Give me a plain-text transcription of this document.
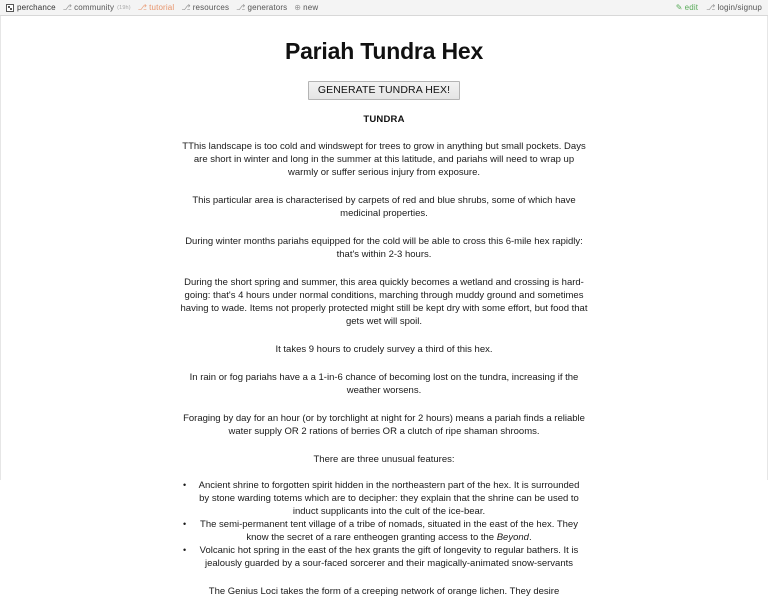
perchance ⎇ community (19h) ⎇ tutorial ⎇ resources ⎇ generators ⊕ new	✎ edit ⎇ login/signup
Pariah Tundra Hex
GENERATE TUNDRA HEX!
TUNDRA

TThis landscape is too cold and windswept for trees to grow in anything but small pockets. Days are short in winter and long in the summer at this latitude, and pariahs will need to wrap up warmly or suffer serious injury from exposure.

This particular area is characterised by carpets of red and blue shrubs, some of which have medicinal properties.

During winter months pariahs equipped for the cold will be able to cross this 6-mile hex rapidly: that's within 2-3 hours.

During the short spring and summer, this area quickly becomes a wetland and crossing is hard-going: that's 4 hours under normal conditions, marching through muddy ground and sometimes having to wade. Items not properly protected might still be kept dry with some effort, but food that gets wet will spoil.

It takes 9 hours to crudely survey a third of this hex.

In rain or fog pariahs have a a 1-in-6 chance of becoming lost on the tundra, increasing if the weather worsens.

Foraging by day for an hour (or by torchlight at night for 2 hours) means a pariah finds a reliable water supply OR 2 rations of berries OR a clutch of ripe shaman shrooms.

There are three unusual features:

• Ancient shrine to forgotten spirit hidden in the northeastern part of the hex. It is surrounded by stone warding totems which are to decipher: they explain that the shrine can be used to induct supplicants into the cult of the ice-bear.
• The semi-permanent tent village of a tribe of nomads, situated in the east of the hex. They know the secret of a rare entheogen granting access to the Beyond.
• Volcanic hot spring in the east of the hex grants the gift of longevity to regular bathers. It is jealously guarded by a sour-faced sorcerer and their magically-animated snow-servants

The Genius Loci takes the form of a creeping network of orange lichen. They desire
